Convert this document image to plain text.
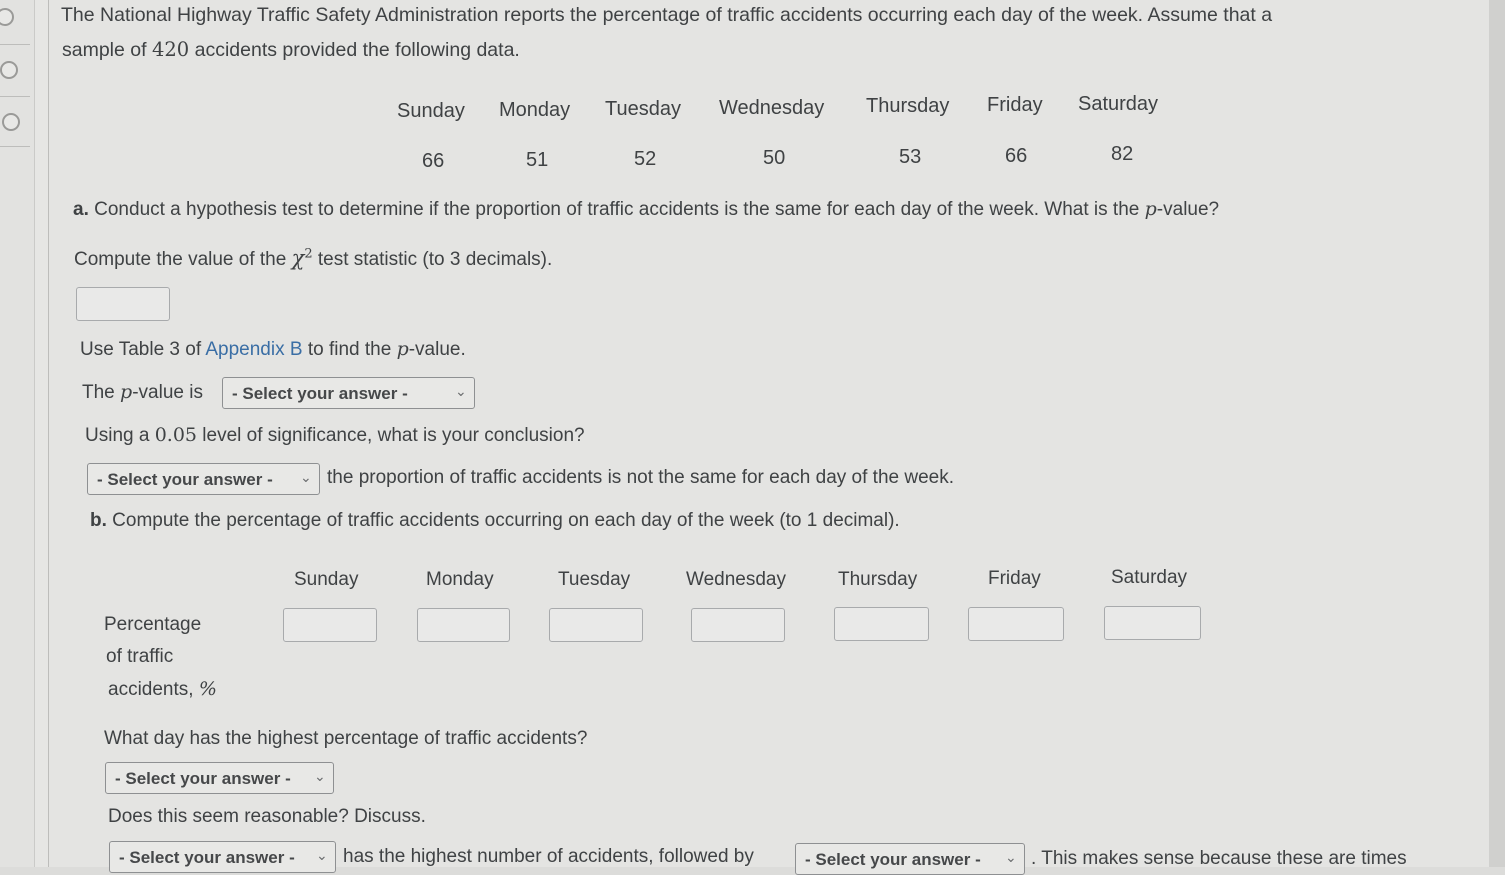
The National Highway Traffic Safety Administration reports the percentage of traffic accidents occurring each day of the week. Assume that a
sample of 420 accidents provided the following data.
Sunday Monday Tuesday Wednesday Thursday Friday Saturday
66	51	52	50	53	66	82
a. Conduct a hypothesis test to determine if the proportion of traffic accidents is the same for each day of the week. What is the p-value?
Compute the value of the $\chi^2$ test statistic (to 3 decimals).
Use Table 3 of Appendix B to find the p-value.
The p-value is	- Select your answer -	⌄
Using a 0.05 level of significance, what is your conclusion?
- Select your answer - ⌄ the proportion of traffic accidents is not the same for each day of the week.
b. Compute the percentage of traffic accidents occurring on each day of the week (to 1 decimal).
Sunday	Monday	Tuesday	Wednesday	Thursday	Friday	Saturday
Percentage
of traffic
accidents, %
What day has the highest percentage of traffic accidents?
- Select your answer - ⌄
Does this seem reasonable? Discuss.
- Select your answer - ⌄ has the highest number of accidents, followed by	- Select your answer - ⌄ . This makes sense because these are times
